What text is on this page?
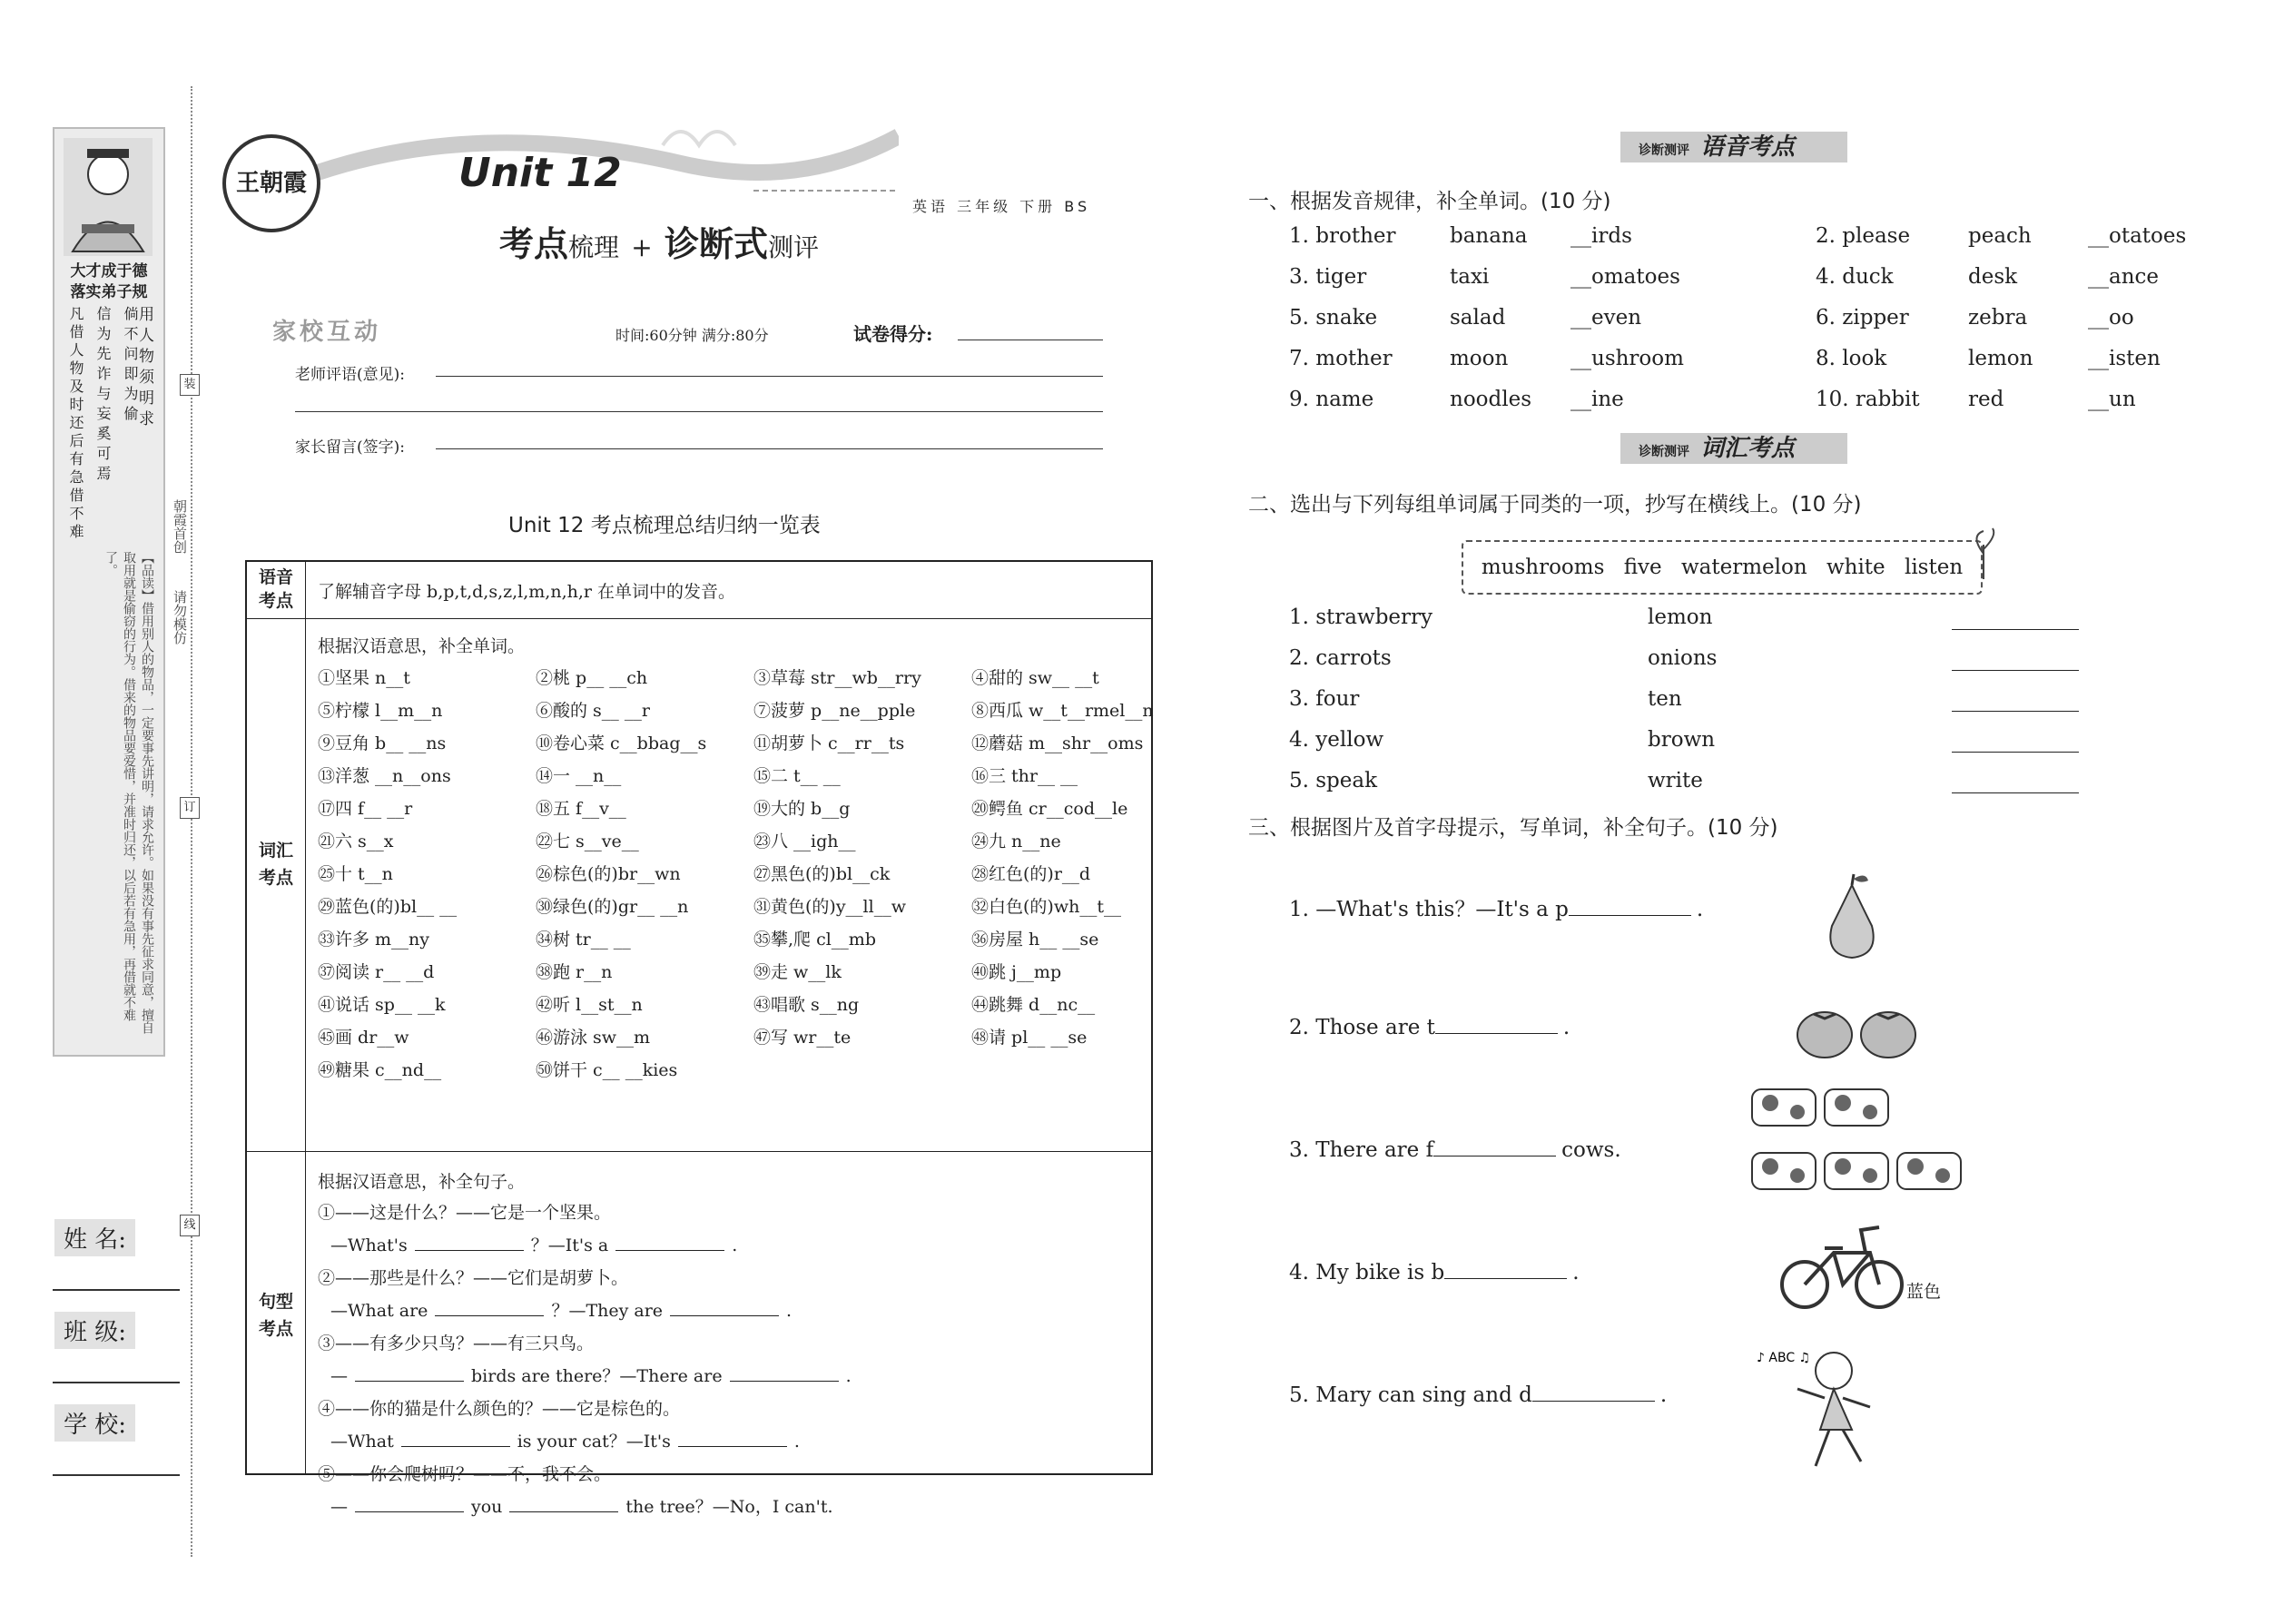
大才成于德
落实弟子规
用人物须明求
凡借人物及时还后有急借不难 信为先诈与妄奚可焉 倘不问即为偷
【品读】借用别人的物品，一定要事先讲明，请求允许。如果没有事先征求同意，擅自取用就是偷窃的行为。借来的物品要爱惜，并准时归还，以后若有急用，再借就不难了。
装
订
线
朝霞首创
请勿模仿
姓 名:
班 级:
学 校:
王朝霞	Unit 12
考点梳理 + 诊断式测评
英语 三年级 下册 BS
家校互动	时间:60分钟 满分:80分	试卷得分:
老师评语(意见):
家长留言(签字):
Unit 12 考点梳理总结归纳一览表
语音考点 了解辅音字母 b,p,t,d,s,z,l,m,n,h,r 在单词中的发音。
词汇考点
根据汉语意思，补全单词。
①坚果 n__t	②桃 p__ __ch	③草莓 str__wb__rry	④甜的 sw__ __t
⑤柠檬 l__m__n	⑥酸的 s__ __r	⑦菠萝 p__ne__pple	⑧西瓜 w__t__rmel__n
⑨豆角 b__ __ns	⑩卷心菜 c__bbag__s	⑪胡萝卜 c__rr__ts	⑫蘑菇 m__shr__oms
⑬洋葱 __n__ons	⑭一 __n__	⑮二 t__ __	⑯三 thr__ __
⑰四 f__ __r	⑱五 f__v__	⑲大的 b__g	⑳鳄鱼 cr__cod__le
㉑六 s__x	㉒七 s__ve__	㉓八 __igh__	㉔九 n__ne
㉕十 t__n	㉖棕色(的)br__wn	㉗黑色(的)bl__ck	㉘红色(的)r__d
㉙蓝色(的)bl__ __	㉚绿色(的)gr__ __n	㉛黄色(的)y__ll__w	㉜白色(的)wh__t__
㉝许多 m__ny	㉞树 tr__ __	㉟攀,爬 cl__mb	㊱房屋 h__ __se
㊲阅读 r__ __d	㊳跑 r__n	㊴走 w__lk	㊵跳 j__mp
㊶说话 sp__ __k	㊷听 l__st__n	㊸唱歌 s__ng	㊹跳舞 d__nc__
㊺画 dr__w	㊻游泳 sw__m	㊼写 wr__te	㊽请 pl__ __se
㊾糖果 c__nd__	㊿饼干 c__ __kies
句型考点
根据汉语意思，补全句子。
①——这是什么？——它是一个坚果。
—What's	？—It's a	.
②——那些是什么？——它们是胡萝卜。
—What are	？—They are	.
③——有多少只鸟？——有三只鸟。
—	birds are there？—There are	.
④——你的猫是什么颜色的？——它是棕色的。
—What	is your cat？—It's	.
⑤——你会爬树吗？——不，我不会。
—	you	the tree？—No，I can't.
诊断测评 语音考点
一、根据发音规律，补全单词。(10 分)
1. brother	banana __irds	2. please	peach	__otatoes
3. tiger	taxi	__omatoes	4. duck	desk	__ance
5. snake	salad	__even	6. zipper	zebra	__oo
7. mother	moon	__ushroom	8. look	lemon	__isten
9. name	noodles __ine	10. rabbit red	__un
诊断测评 词汇考点
二、选出与下列每组单词属于同类的一项，抄写在横线上。(10 分)
mushrooms five watermelon white listen
1. strawberry	lemon
2. carrots	onions
3. four	ten
4. yellow	brown
5. speak	write
三、根据图片及首字母提示，写单词，补全句子。(10 分)
1. —What's this？—It's a p	.
2. Those are t	.
3. There are f	cows.
4. My bike is b	.
5. Mary can sing and d	.
蓝色
♪ ABC ♫
